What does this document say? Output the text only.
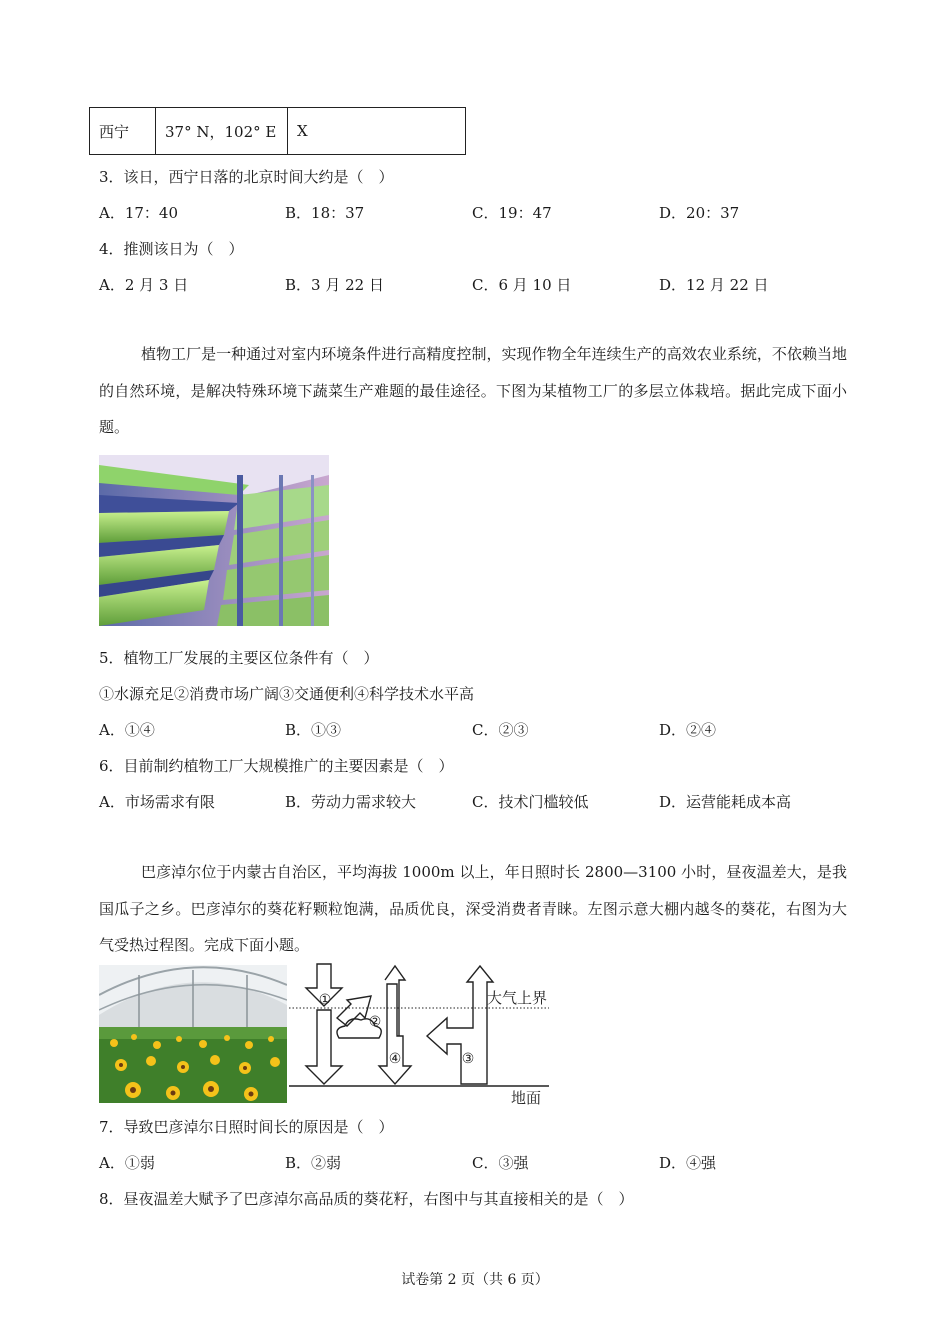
西宁	37° N，102° E	X
3．该日，西宁日落的北京时间大约是（　）
A．17：40	B．18：37	C．19：47	D．20：37
4．推测该日为（　）
A．2 月 3 日	B．3 月 22 日	C．6 月 10 日	D．12 月 22 日
植物工厂是一种通过对室内环境条件进行高精度控制，实现作物全年连续生产的高效农业系统，不依赖当地的自然环境，是解决特殊环境下蔬菜生产难题的最佳途径。下图为某植物工厂的多层立体栽培。据此完成下面小题。
5．植物工厂发展的主要区位条件有（　）
①水源充足②消费市场广阔③交通便利④科学技术水平高
A．①④	B．①③	C．②③	D．②④
6．目前制约植物工厂大规模推广的主要因素是（　）
A．市场需求有限	B．劳动力需求较大	C．技术门槛较低	D．运营能耗成本高
巴彦淖尔位于内蒙古自治区，平均海拔 1000m 以上，年日照时长 2800—3100 小时，昼夜温差大，是我国瓜子之乡。巴彦淖尔的葵花籽颗粒饱满，品质优良，深受消费者青睐。左图示意大棚内越冬的葵花，右图为大气受热过程图。完成下面小题。
①
②
④	③
大气上界
地面
7．导致巴彦淖尔日照时间长的原因是（　）
A．①弱	B．②弱	C．③强	D．④强
8．昼夜温差大赋予了巴彦淖尔高品质的葵花籽，右图中与其直接相关的是（　）
试卷第 2 页（共 6 页）
